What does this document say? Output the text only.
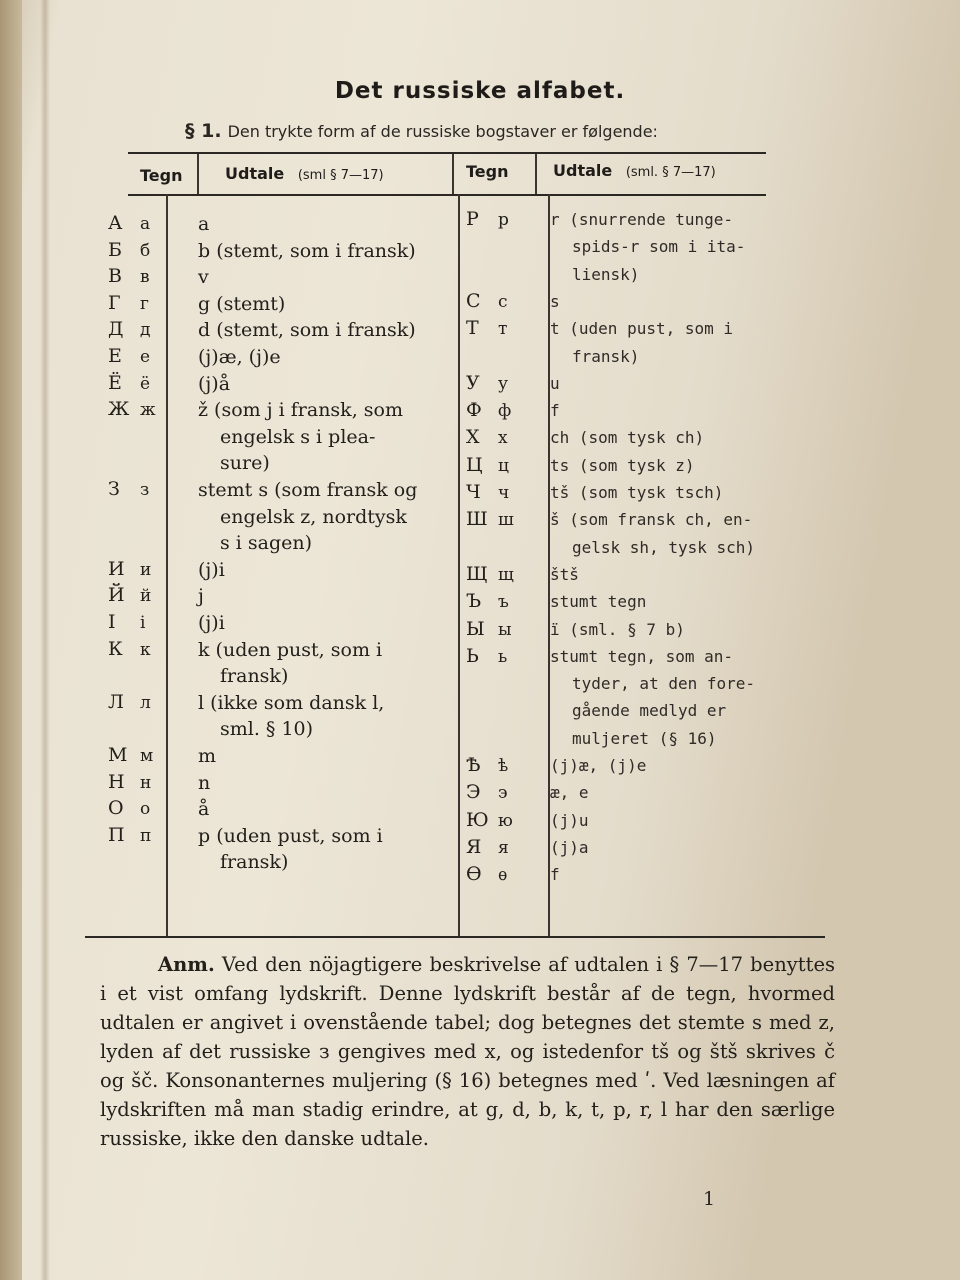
Det russiske alfabet.
§ 1. Den trykte form af de russiske bogstaver er følgende:
Tegn	Udtale (sml § 7—17)	Tegn	Udtale (sml. § 7—17)
А а	a
Б б	b (stemt, som i fransk)
В в	v
Г г	g (stemt)
Д д	d (stemt, som i fransk)
Е е	(j)æ, (j)e
Ё ё	(j)å
Ж ж ž (som j i fransk, som
engelsk s i plea-
sure)
З з	stemt s (som fransk og
engelsk z, nordtysk
s i sagen)
И и (j)i
Й й j
І і	(j)i
К к k (uden pust, som i
fransk)
Л л l (ikke som dansk l,
sml. § 10)
М м m
Н н n
О о	å
П п p (uden pust, som i
fransk)
Р р	r (snurrende tunge-
spids-r som i ita-
liensk)
С с	s
Т т	t (uden pust, som i
fransk)
У у	u
Ф ф f
Х х	ch (som tysk ch)
Ц ц	ts (som tysk z)
Ч ч	tš (som tysk tsch)
Ш ш š (som fransk ch, en-
gelsk sh, tysk sch)
Щ щ štš
Ъ ъ	stumt tegn
Ы ы ï (sml. § 7 b)
Ь ь	stumt tegn, som an-
tyder, at den fore-
gående medlyd er
muljeret (§ 16)
Ѣ ѣ	(j)æ, (j)e
Э э	æ, e
Ю ю (j)u
Я я	(j)a
Ѳ ѳ	f
Anm. Ved den nöjagtigere beskrivelse af udtalen i § 7—17 benyttes i et vist omfang lydskrift. Denne lydskrift består af de tegn, hvormed udtalen er angivet i ovenstående tabel; dog betegnes det stemte s med z, lyden af det russiske з gengives med x, og istedenfor tš og štš skrives č og šč. Konsonanternes muljering (§ 16) betegnes med ʹ. Ved læsningen af lydskriften må man stadig erindre, at g, d, b, k, t, p, r, l har den særlige russiske, ikke den danske udtale.
1
